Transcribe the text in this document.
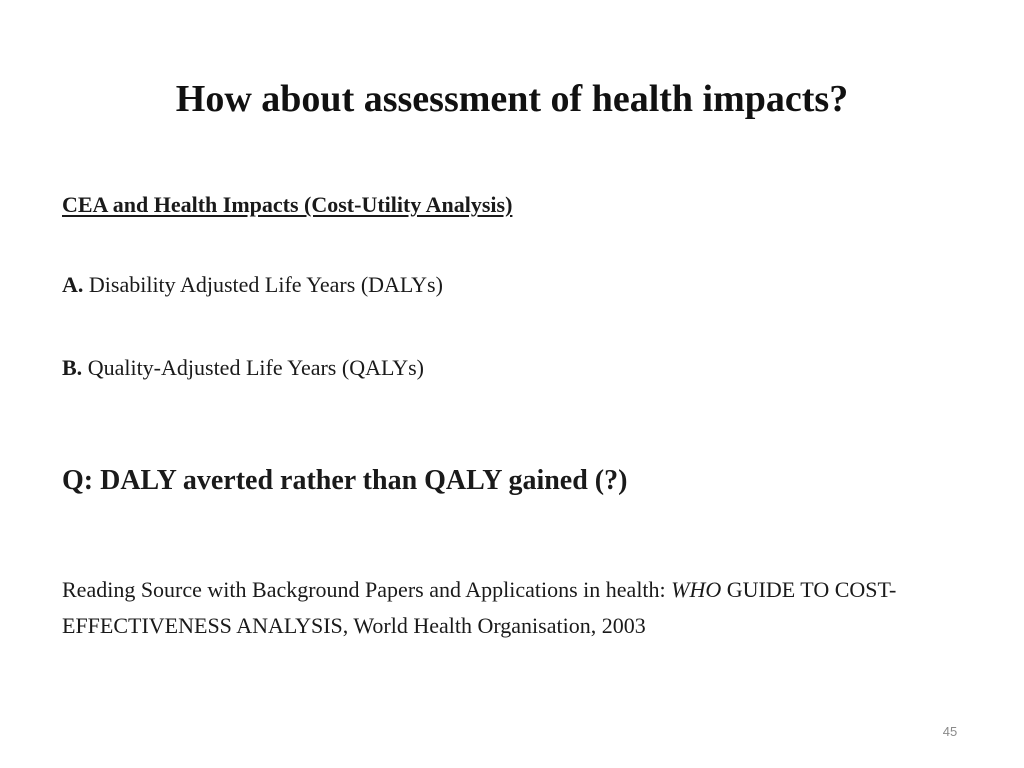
How about assessment of health impacts?

CEA and Health Impacts (Cost-Utility Analysis)

A. Disability Adjusted Life Years (DALYs)

B. Quality-Adjusted Life Years (QALYs)

Q: DALY averted rather than QALY gained (?)

Reading Source with Background Papers and Applications in health: WHO GUIDE TO COST-EFFECTIVENESS ANALYSIS, World Health Organisation, 2003

45
